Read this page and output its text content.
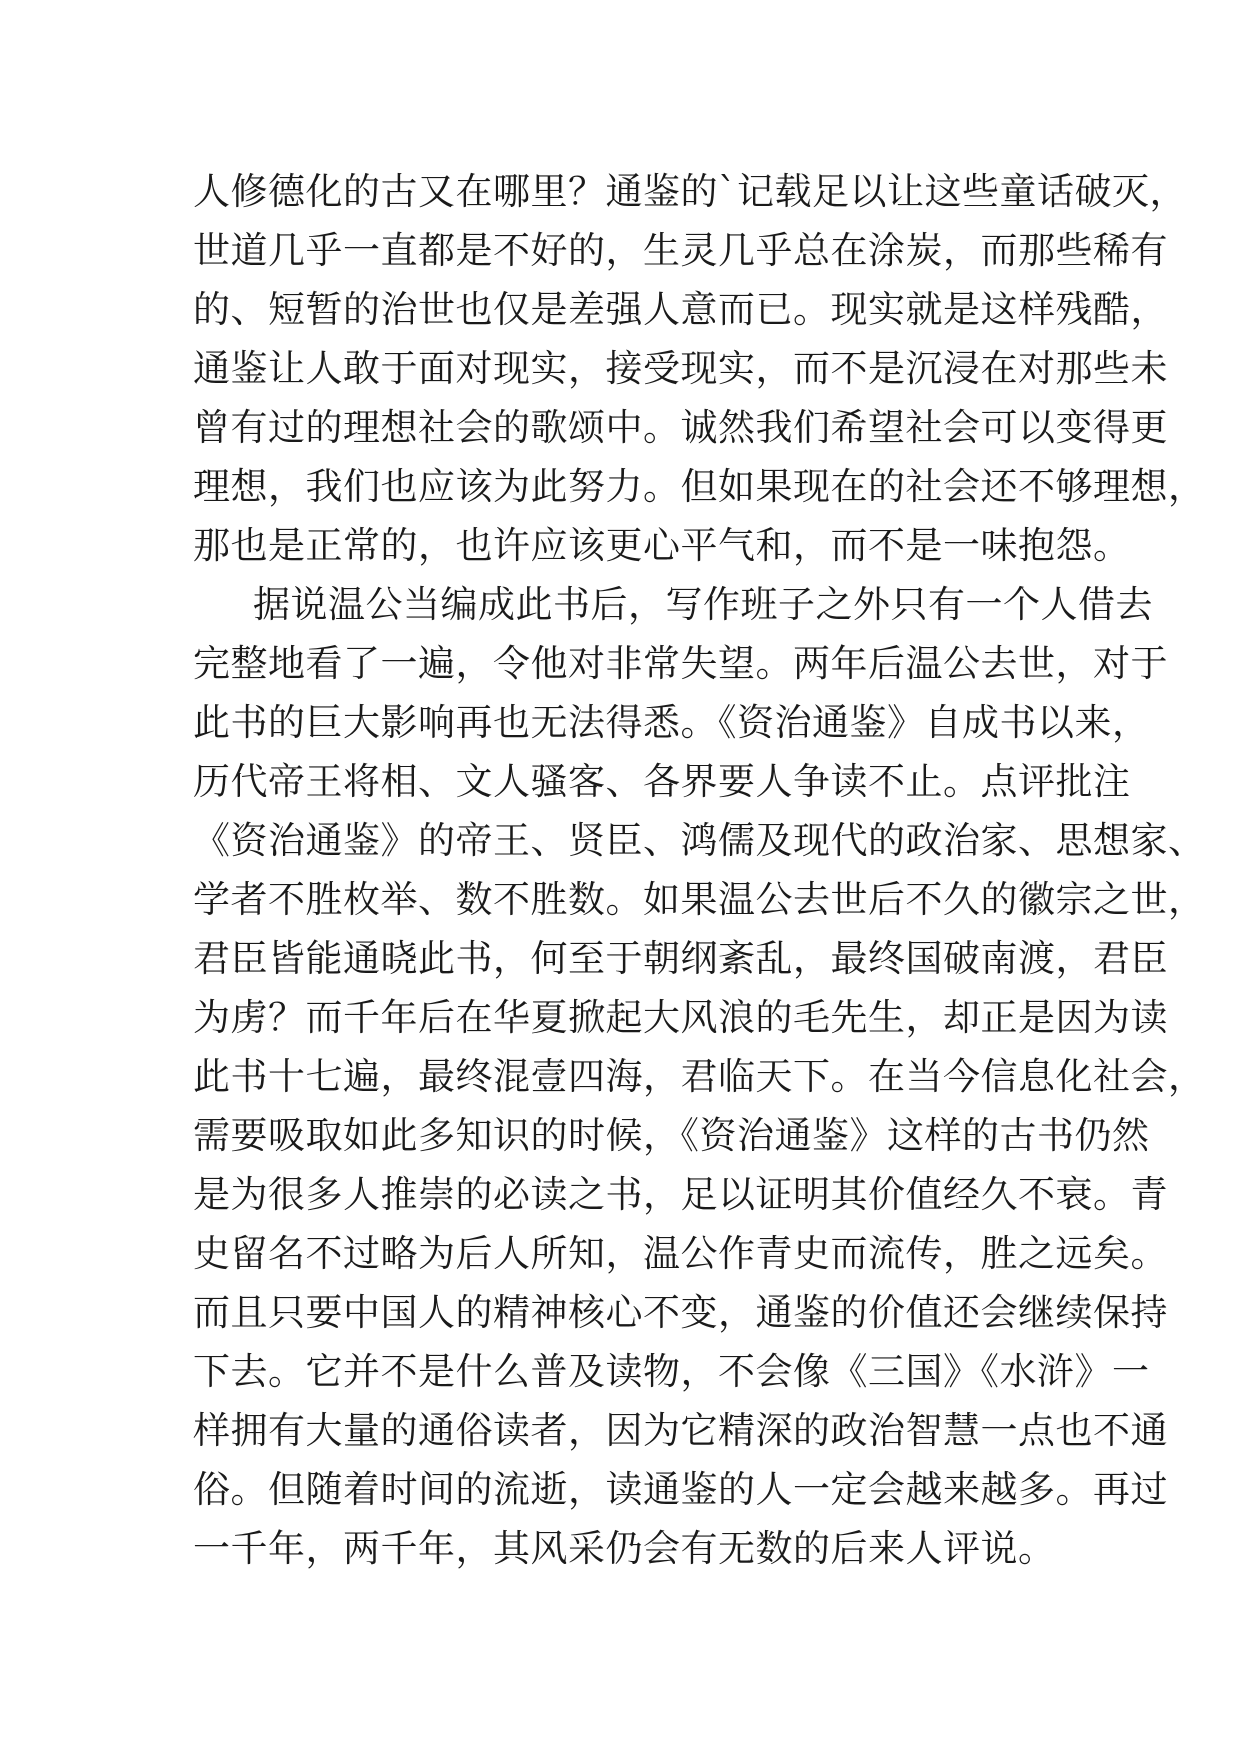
人修德化的古又在哪里？通鉴的`记载足以让这些童话破灭，
世道几乎一直都是不好的，生灵几乎总在涂炭，而那些稀有
的、短暂的治世也仅是差强人意而已。现实就是这样残酷，
通鉴让人敢于面对现实，接受现实，而不是沉浸在对那些未
曾有过的理想社会的歌颂中。诚然我们希望社会可以变得更
理想，我们也应该为此努力。但如果现在的社会还不够理想，
那也是正常的，也许应该更心平气和，而不是一味抱怨。
据说温公当编成此书后，写作班子之外只有一个人借去
完整地看了一遍，令他对非常失望。两年后温公去世，对于
此书的巨大影响再也无法得悉。《资治通鉴》自成书以来，
历代帝王将相、文人骚客、各界要人争读不止。点评批注
《资治通鉴》的帝王、贤臣、鸿儒及现代的政治家、思想家、
学者不胜枚举、数不胜数。如果温公去世后不久的徽宗之世，
君臣皆能通晓此书，何至于朝纲紊乱，最终国破南渡，君臣
为虏？而千年后在华夏掀起大风浪的毛先生，却正是因为读
此书十七遍，最终混壹四海，君临天下。在当今信息化社会，
需要吸取如此多知识的时候，《资治通鉴》这样的古书仍然
是为很多人推崇的必读之书，足以证明其价值经久不衰。青
史留名不过略为后人所知，温公作青史而流传，胜之远矣。
而且只要中国人的精神核心不变，通鉴的价值还会继续保持
下去。它并不是什么普及读物，不会像《三国》《水浒》一
样拥有大量的通俗读者，因为它精深的政治智慧一点也不通
俗。但随着时间的流逝，读通鉴的人一定会越来越多。再过
一千年，两千年，其风采仍会有无数的后来人评说。
